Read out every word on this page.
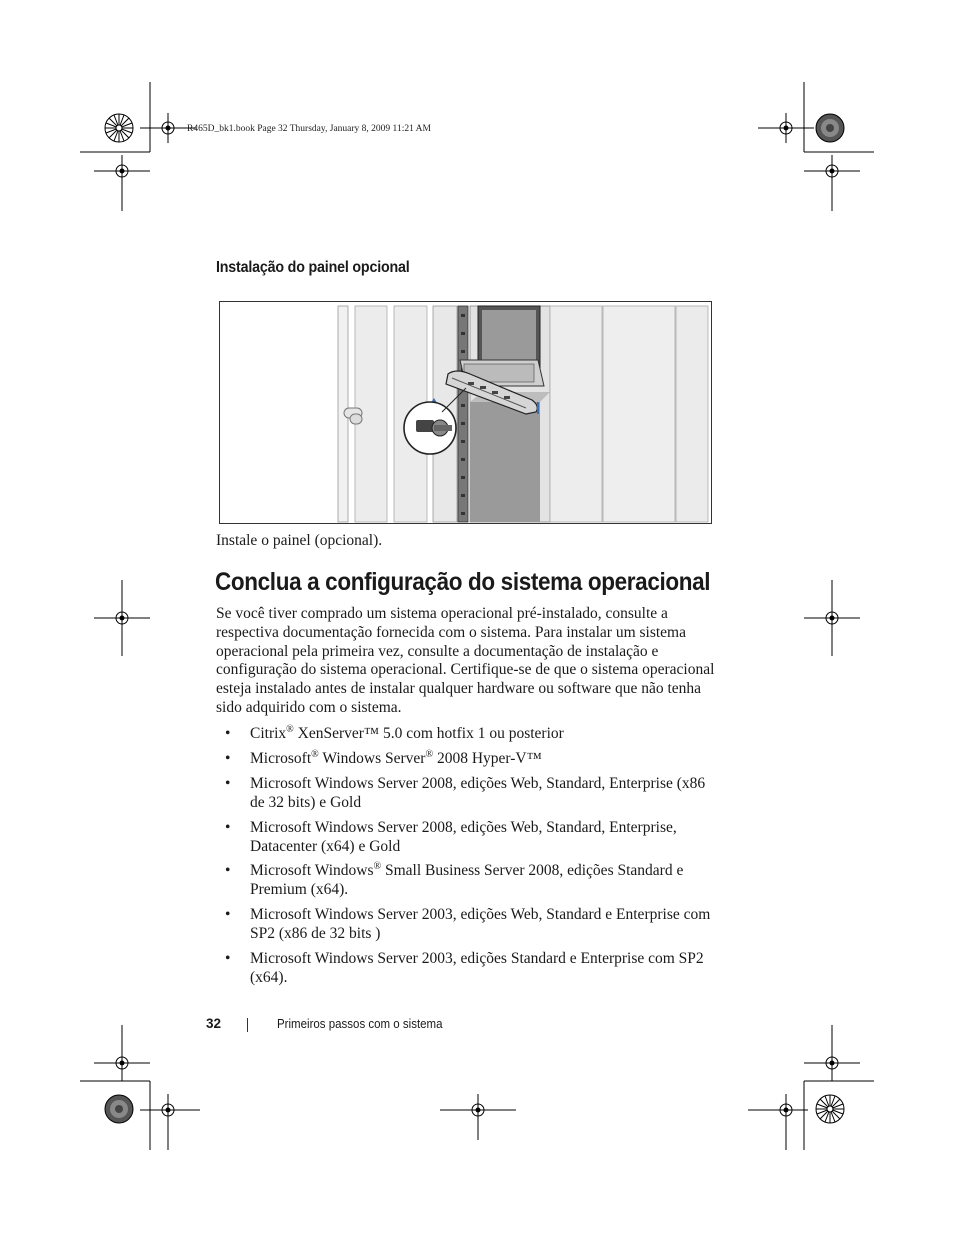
R465D_bk1.book Page 32 Thursday, January 8, 2009 11:21 AM
Instalação do painel opcional

Instale o painel (opcional).

Conclua a configuração do sistema operacional

Se você tiver comprado um sistema operacional pré-instalado, consulte a respectiva documentação fornecida com o sistema. Para instalar um sistema operacional pela primeira vez, consulte a documentação de instalação e configuração do sistema operacional. Certifique-se de que o sistema operacional esteja instalado antes de instalar qualquer hardware ou software que não tenha sido adquirido com o sistema.

• Citrix® XenServer™ 5.0 com hotfix 1 ou posterior
• Microsoft® Windows Server® 2008 Hyper-V™
• Microsoft Windows Server 2008, edições Web, Standard, Enterprise (x86 de 32 bits) e Gold
• Microsoft Windows Server 2008, edições Web, Standard, Enterprise, Datacenter (x64) e Gold
• Microsoft Windows® Small Business Server 2008, edições Standard e Premium (x64).
• Microsoft Windows Server 2003, edições Web, Standard e Enterprise com SP2 (x86 de 32 bits )
• Microsoft Windows Server 2003, edições Standard e Enterprise com SP2 (x64).
32	Primeiros passos com o sistema
